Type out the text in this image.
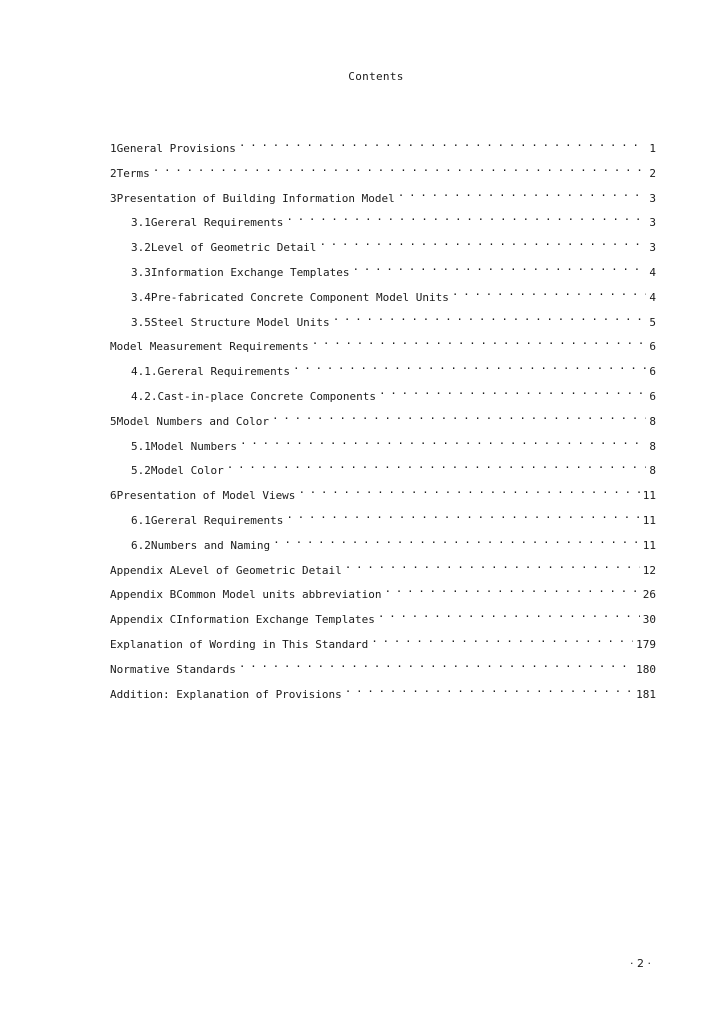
Contents
1General Provisions . . .	1
2Terms . . .	2
3Presentation of Building Information Model . . .	3
3.1Gereral Requirements . . .	3
3.2Level of Geometric Detail . . .	3
3.3Information Exchange Templates . . .	4
3.4Pre-fabricated Concrete Component Model Units . . .	4
3.5Steel Structure Model Units . . .	5
Model Measurement Requirements . . .	6
4.1.Gereral Requirements . . .	6
4.2.Cast-in-place Concrete Components . . .	6
5Model Numbers and Color . . .	8
5.1Model Numbers . . .	8
5.2Model Color . . .	8
6Presentation of Model Views . . .	11
6.1Gereral Requirements . . .	11
6.2Numbers and Naming . . .	11
Appendix ALevel of Geometric Detail . . .	12
Appendix BCommon Model units abbreviation . . .	26
Appendix CInformation Exchange Templates . . .	30
Explanation of Wording in This Standard . . .	179
Normative Standards . . .	180
Addition: Explanation of Provisions . . .	181
· 2 ·
